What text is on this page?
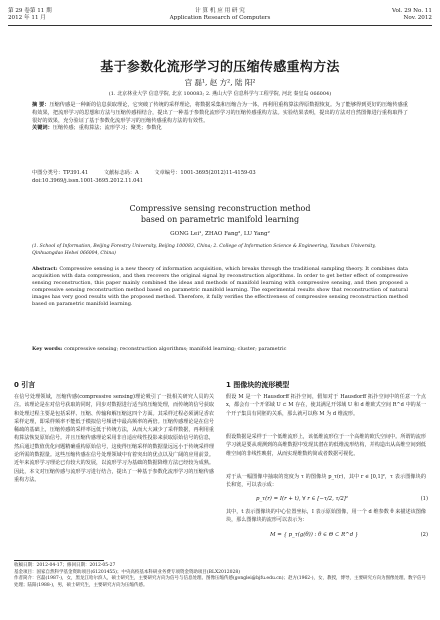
第 29 卷第 11 期
2012 年 11 月
计 算 机 应 用 研 究
Application Research of Computers
Vol. 29 No. 11
Nov. 2012
基于参数化流形学习的压缩传感重构方法
宫 磊¹, 赵 方², 陆 阳²
(1. 北京林业大学 信息学院, 北京 100083; 2. 燕山大学 信息科学与工程学院, 河北 秦皇岛 066004)
摘 要：压缩传感是一种新的信息获取理论，它突破了传统的采样理论，将数据采集和压缩合为一体，再利用重构算法得原数据恢复。为了能够得到更好的压缩传感重构效果，把流形学习的思想和方法与压缩传感相结合，提出了一种基于参数化流形学习的压缩传感重构方法。实验结果表明，提出的方法对自然图像进行重构取得了很好的效果，充分验证了基于参数化流形学习的压缩传感重构方法的有效性。
关键词：压缩传感；重构算法；流形学习；聚类；参数化
中图分类号：TP391.41	文献标志码：A	文章编号：1001-3695(2012)11-4159-03
doi:10.3969/j.issn.1001-3695.2012.11.041
Compressive sensing reconstruction method
based on parametric manifold learning
GONG Lei¹, ZHAO Fang², LU Yang²
(1. School of Information, Beijing Forestry University, Beijing 100083, China; 2. College of Information Science & Engineering, Yanshan University, Qinhuangdao Hebei 066004, China)
Abstract: Compressive sensing is a new theory of information acquisition, which breaks through the traditional sampling theory. It combines data acquisition with data compression, and then recovers the original signal by reconstruction algorithms. In order to get better effect of compressive sensing reconstruction, this paper mainly combined the ideas and methods of manifold learning with compressive sensing, and then proposed a compressive sensing reconstruction method based on parametric manifold learning. The experimental results show that reconstruction of natural images has very good results with the proposed method. Therefore, it fully verifies the effectiveness of compressive sensing reconstruction method based on parametric manifold learning.
Key words: compressive sensing; reconstruction algorithms; manifold learning; cluster; parametric
0 引言
在信号处理领域，压缩传感(compressive sensing)理论吸引了一批相关研究人员的关注。该理论是在对信号获取的同时，同步对数据进行适当的压缩处理，而传统的信号获取和处理过程主要是包括采样、压缩、传输和解压缩这四个方面。其采样过程必须满足香农采样定理，即采样频率不能低于模拟信号频谱中最高频率的两倍。压缩传感理论是在信号稀疏的基础上，压缩传感的采样率远低于传统方法，从而大大减少了采样数据，再利用重构算法恢复原始信号。并且压缩传感理论采用非自适应线性投影来获取原始信号的信息，然后通过数值优化问题精确重构原始信号，这使得压缩采样的数据量远远小于传统采样理论所需的数据量。这些压缩传感在信号处理领域中有着突出的优点以及广阔的应用前景。近年来流形学习理论已有较大的发展，以流形学习为基础的数据降维方法已经较为成熟。因此，本文对压缩传感与流形学习进行结合，提出了一种基于参数化流形学习的压缩传感重构方法。
1 图像块的流形模型
假设 M 是一个 Hausdorff 拓扑空间，假如对于 Hausdorff 拓扑空间中的任意一个点 x，都会有一个开邻域 U ⊂ M 存在，使其满足开邻域 U 和 d 维欧式空间 R^d 中的某一个开子集具有同胚的关系，那么就可以称 M 为 d 维流形。
假设数据是采样于一个低维流形上，该低维流形位于一个高维的欧氏空间中。所谓的流形学习就是要从观测到的高维数据中发现其潜在的低维流形结构，并构造出从高维空间到低维空间的非线性映射，从而实现维数约简或者数据可视化。
对于从一幅图像中抽取的宽度为 τ 的图像块 p_τ(r)，其中 r ∈ [0,1]²，τ 表示图像块的长和宽，可以表示成：
p_τ(r) = I(r + t), ∀ r ∈ [−τ/2, τ/2]²	(1)
其中，t 表示图像块的中心位置坐标，I 表示原始图像，用一个 d 维参数 θ 来描述该图像块，那么图像块的流形可以表示为：
M = { p_τ(g(θ)) : θ ∈ Θ ⊂ R^d }	(2)
收稿日期：2012-04-17；修回日期：2012-05-27
基金项目：国家自然科学基金资助项目(61201455)；中央高校基本科研业务费专项资金资助项目(BLX2012028)
作者简介：宫磊(1987-)，女，黑龙江哈尔滨人，硕士研究生，主要研究方向为信号与信息处理、图像压缩传感(gonglei@bjfu.edu.cn)；赵方(1962-)，女，教授，博导，主要研究方向为图像处理、数字信号处理；陆阳(1988-)，男，硕士研究生，主要研究方向为压缩传感。
